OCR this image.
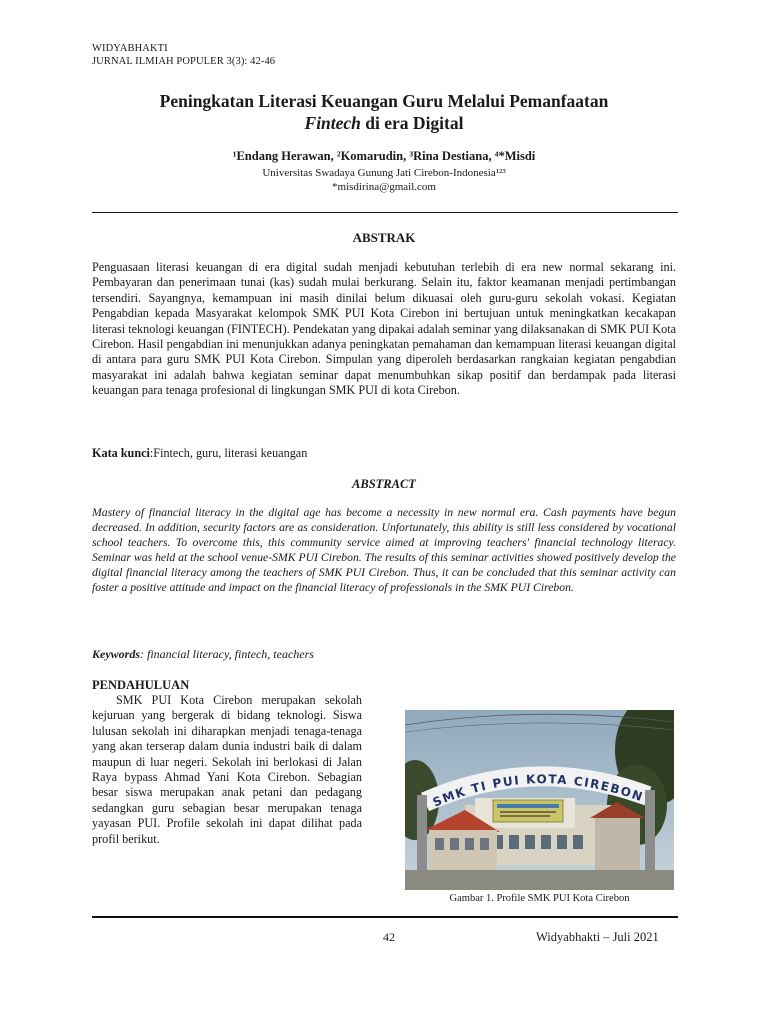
WIDYABHAKTI
JURNAL ILMIAH POPULER 3(3): 42-46
Peningkatan Literasi Keuangan Guru Melalui Pemanfaatan
Fintech di era Digital
¹Endang Herawan, ²Komarudin, ³Rina Destiana, ⁴*Misdi
Universitas Swadaya Gunung Jati Cirebon-Indonesia¹²³
*misdirina@gmail.com
ABSTRAK
Penguasaan literasi keuangan di era digital sudah menjadi kebutuhan terlebih di era new normal sekarang ini. Pembayaran dan penerimaan tunai (kas) sudah mulai berkurang. Selain itu, faktor keamanan menjadi pertimbangan tersendiri. Sayangnya, kemampuan ini masih dinilai belum dikuasai oleh guru-guru sekolah vokasi. Kegiatan Pengabdian kepada Masyarakat kelompok SMK PUI Kota Cirebon ini bertujuan untuk meningkatkan kecakapan literasi teknologi keuangan (FINTECH). Pendekatan yang dipakai adalah seminar yang dilaksanakan di SMK PUI Kota Cirebon. Hasil pengabdian ini menunjukkan adanya peningkatan pemahaman dan kemampuan literasi keuangan digital di antara para guru SMK PUI Kota Cirebon. Simpulan yang diperoleh berdasarkan rangkaian kegiatan pengabdian masyarakat ini adalah bahwa kegiatan seminar dapat menumbuhkan sikap positif dan berdampak pada literasi keuangan para tenaga profesional di lingkungan SMK PUI di kota Cirebon.
Kata kunci:Fintech, guru, literasi keuangan
ABSTRACT
Mastery of financial literacy in the digital age has become a necessity in new normal era. Cash payments have begun decreased. In addition, security factors are as consideration. Unfortunately, this ability is still less considered by vocational school teachers. To overcome this, this community service aimed at improving teachers' financial technology literacy. Seminar was held at the school venue-SMK PUI Cirebon. The results of this seminar activities showed positively develop the digital financial literacy among the teachers of SMK PUI Cirebon. Thus, it can be concluded that this seminar activity can foster a positive attitude and impact on the financial literacy of professionals in the SMK PUI Cirebon.
Keywords: financial literacy, fintech, teachers
PENDAHULUAN
SMK PUI Kota Cirebon merupakan sekolah kejuruan yang bergerak di bidang teknologi. Siswa lulusan sekolah ini diharapkan menjadi tenaga-tenaga yang akan terserap dalam dunia industri baik di dalam maupun di luar negeri. Sekolah ini berlokasi di Jalan Raya bypass Ahmad Yani Kota Cirebon. Sebagian besar siswa merupakan anak petani dan pedagang sedangkan guru sebagian besar merupakan tenaga yayasan PUI. Profile sekolah ini dapat dilihat pada profil berikut.
SMK TI PUI KOTA CIREBON
Gambar 1. Profile SMK PUI Kota Cirebon
42	Widyabhakti – Juli 2021
